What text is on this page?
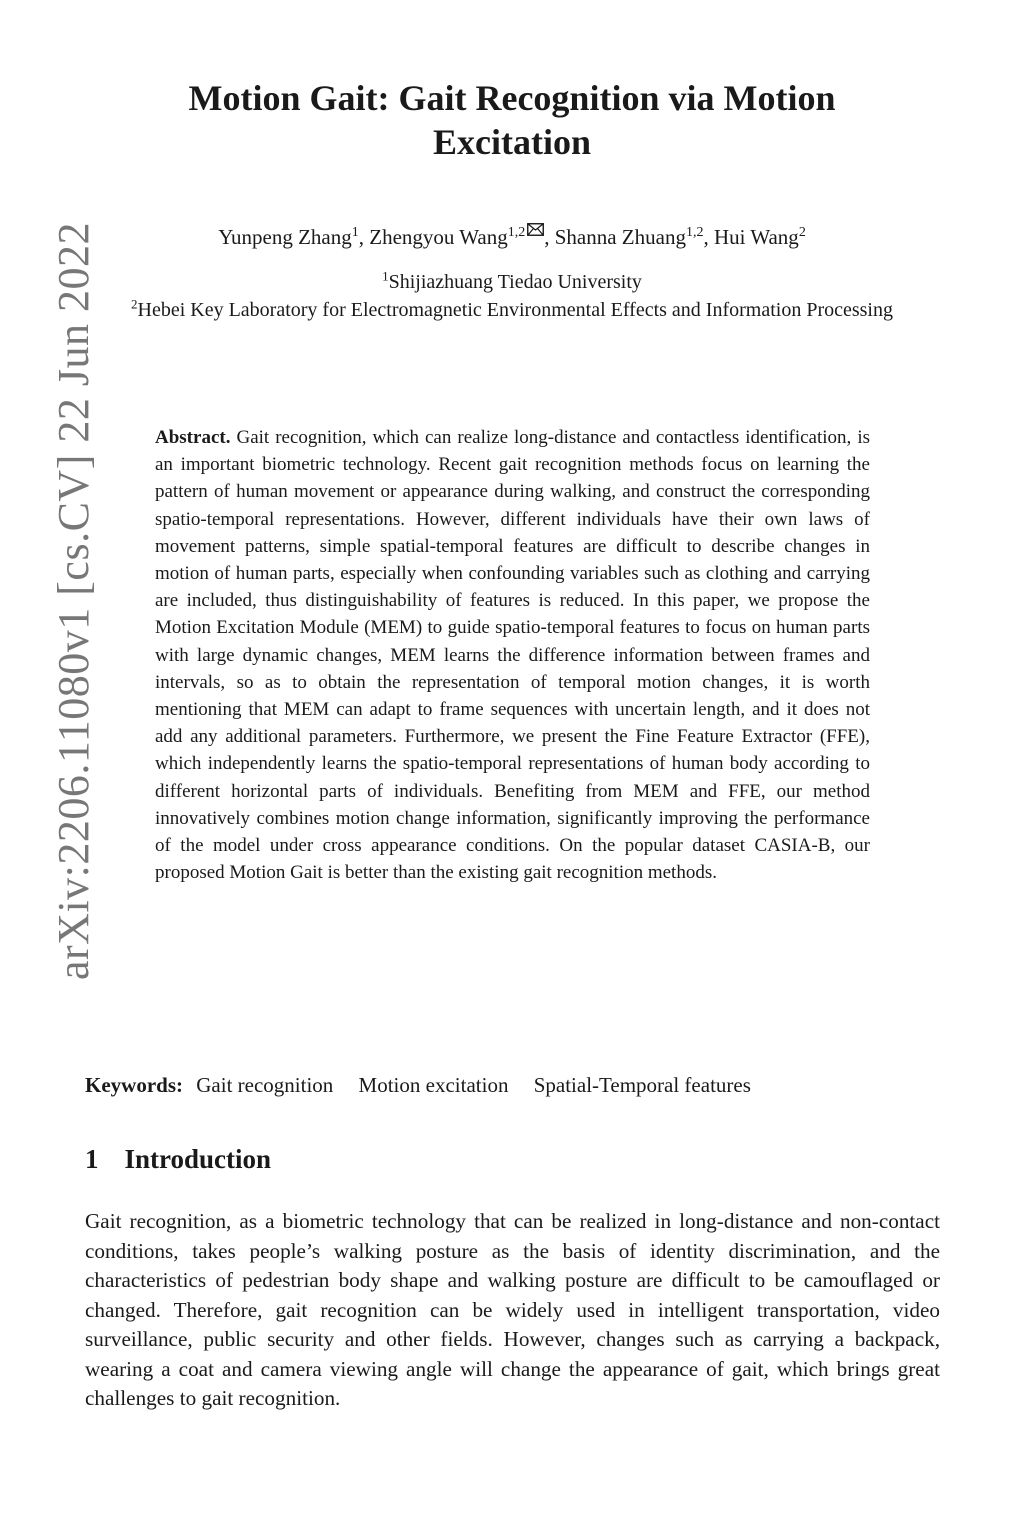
arXiv:2206.11080v1 [cs.CV] 22 Jun 2022
Motion Gait: Gait Recognition via Motion Excitation
Yunpeng Zhang$^1$, Zhengyou Wang$^{1,2}$ , Shanna Zhuang$^{1,2}$, Hui Wang$^2$
$^1$Shijiazhuang Tiedao University
$^2$Hebei Key Laboratory for Electromagnetic Environmental Effects and Information Processing
Abstract. Gait recognition, which can realize long-distance and contactless identification, is an important biometric technology. Recent gait recognition methods focus on learning the pattern of human movement or appearance during walking, and construct the corresponding spatio-temporal representations. However, different individuals have their own laws of movement patterns, simple spatial-temporal features are difficult to describe changes in motion of human parts, especially when confounding variables such as clothing and carrying are included, thus distinguishability of features is reduced. In this paper, we propose the Motion Excitation Module (MEM) to guide spatio-temporal features to focus on human parts with large dynamic changes, MEM learns the difference information between frames and intervals, so as to obtain the representation of temporal motion changes, it is worth mentioning that MEM can adapt to frame sequences with uncertain length, and it does not add any additional parameters. Furthermore, we present the Fine Feature Extractor (FFE), which independently learns the spatio-temporal representations of human body according to different horizontal parts of individuals. Benefiting from MEM and FFE, our method innovatively combines motion change information, significantly improving the performance of the model under cross appearance conditions. On the popular dataset CASIA-B, our proposed Motion Gait is better than the existing gait recognition methods.
Keywords: Gait recognition Motion excitation Spatial-Temporal features
1 Introduction

Gait recognition, as a biometric technology that can be realized in long-distance and non-contact conditions, takes people’s walking posture as the basis of identity discrimination, and the characteristics of pedestrian body shape and walking posture are difficult to be camouflaged or changed. Therefore, gait recognition can be widely used in intelligent transportation, video surveillance, public security and other fields. However, changes such as carrying a backpack, wearing a coat and camera viewing angle will change the appearance of gait, which brings great challenges to gait recognition.
